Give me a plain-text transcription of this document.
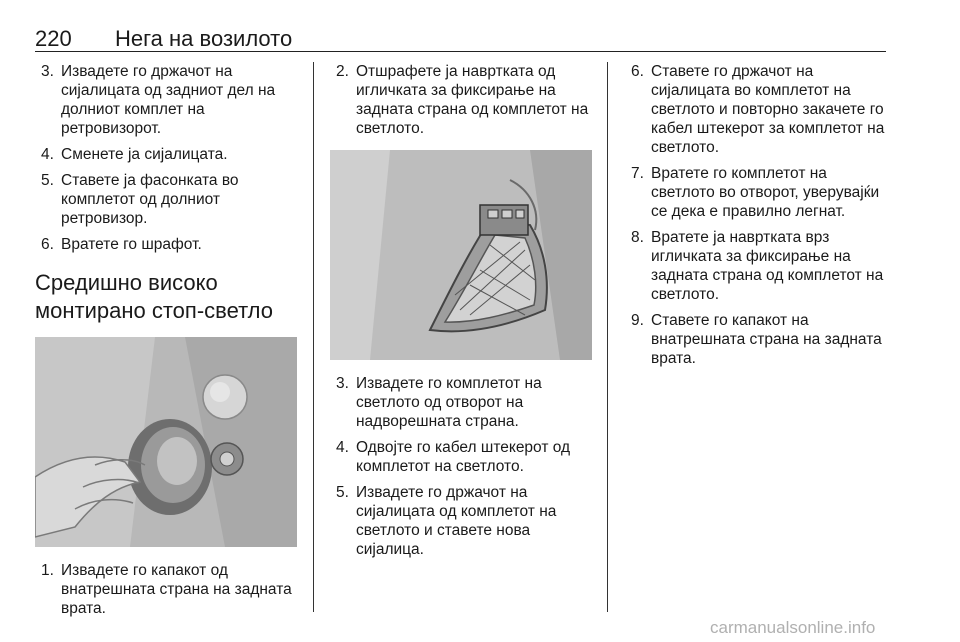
220 Нега на возилото
3. Извадете го држачот на сијалицата од задниот дел на долниот комплет на ретровизорот.
4. Сменете ја сијалицата.
5. Ставете ја фасонката во комплетот од долниот ретровизор.
6. Вратете го шрафот.
Средишно високо
монтирано стоп-светло
1. Извадете го капакот од внатрешната страна на задната врата.
2. Отшрафете ја навртката од игличката за фиксирање на задната страна од комплетот на светлото.
3. Извадете го комплетот на светлото од отворот на надворешната страна.
4. Одвојте го кабел штекерот од комплетот на светлото.
5. Извадете го држачот на сијалицата од комплетот на светлото и ставете нова сијалица.
6. Ставете го држачот на сијалицата во комплетот на светлото и повторно закачете го кабел штекерот за комплетот на светлото.
7. Вратете го комплетот на светлото во отворот, уверувајќи се дека е правилно легнат.
8. Вратете ја навртката врз игличката за фиксирање на задната страна од комплетот на светлото.
9. Ставете го капакот на внатрешната страна на задната врата.
carmanualsonline.info
